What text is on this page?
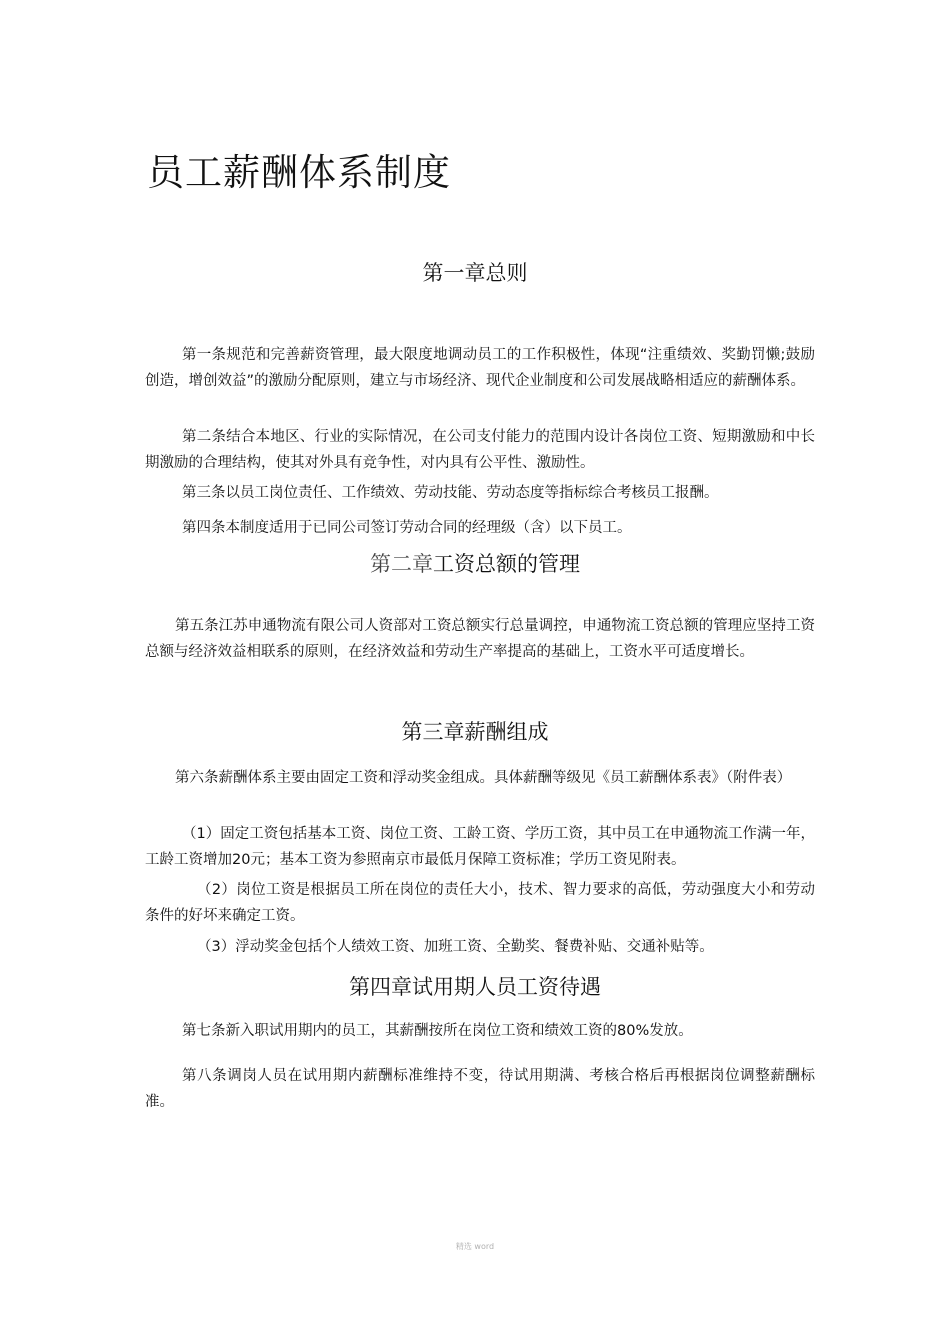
员工薪酬体系制度
第一章总则

第一条规范和完善薪资管理，最大限度地调动员工的工作积极性，体现“注重绩效、奖勤罚懒;鼓励创造，增创效益”的激励分配原则，建立与市场经济、现代企业制度和公司发展战略相适应的薪酬体系。

第二条结合本地区、行业的实际情况，在公司支付能力的范围内设计各岗位工资、短期激励和中长期激励的合理结构，使其对外具有竞争性，对内具有公平性、激励性。

第三条以员工岗位责任、工作绩效、劳动技能、劳动态度等指标综合考核员工报酬。

第四条本制度适用于已同公司签订劳动合同的经理级（含）以下员工。

第二章工资总额的管理

第五条江苏申通物流有限公司人资部对工资总额实行总量调控，申通物流工资总额的管理应坚持工资总额与经济效益相联系的原则，在经济效益和劳动生产率提高的基础上，工资水平可适度增长。

第三章薪酬组成

第六条薪酬体系主要由固定工资和浮动奖金组成。具体薪酬等级见《员工薪酬体系表》（附件表）

（1）固定工资包括基本工资、岗位工资、工龄工资、学历工资，其中员工在申通物流工作满一年，工龄工资增加20元；基本工资为参照南京市最低月保障工资标准；学历工资见附表。

（2）岗位工资是根据员工所在岗位的责任大小，技术、智力要求的高低，劳动强度大小和劳动条件的好坏来确定工资。

（3）浮动奖金包括个人绩效工资、加班工资、全勤奖、餐费补贴、交通补贴等。

第四章试用期人员工资待遇

第七条新入职试用期内的员工，其薪酬按所在岗位工资和绩效工资的80%发放。

第八条调岗人员在试用期内薪酬标准维持不变，待试用期满、考核合格后再根据岗位调整薪酬标准。

精选 word
